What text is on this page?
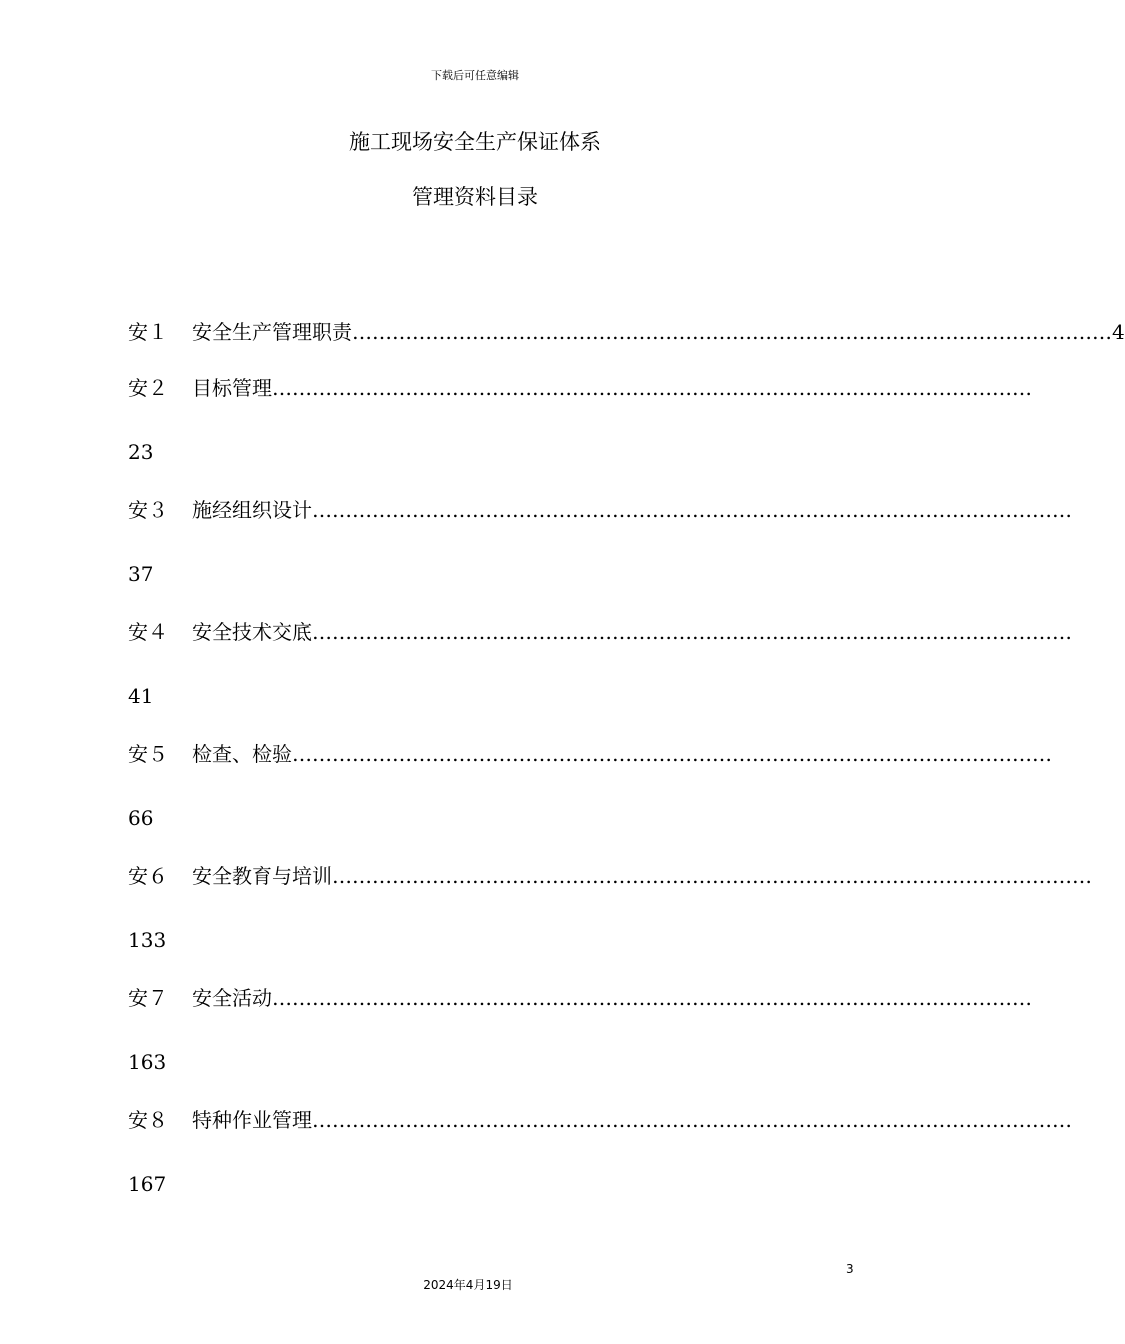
下载后可任意编辑
施工现场安全生产保证体系
管理资料目录
安１	安全生产管理职责 …………………………………………………………………………………………………… 4
安２	目标管理 ……………………………………………………………………………………………………
23
安３	施经组织设计 ……………………………………………………………………………………………………
37
安４	安全技术交底 ……………………………………………………………………………………………………
41
安５	检查、检验 ……………………………………………………………………………………………………
66
安６	安全教育与培训 ……………………………………………………………………………………………………
133
安７	安全活动 ……………………………………………………………………………………………………
163
安８	特种作业管理 ……………………………………………………………………………………………………
167
3
2024年4月19日
